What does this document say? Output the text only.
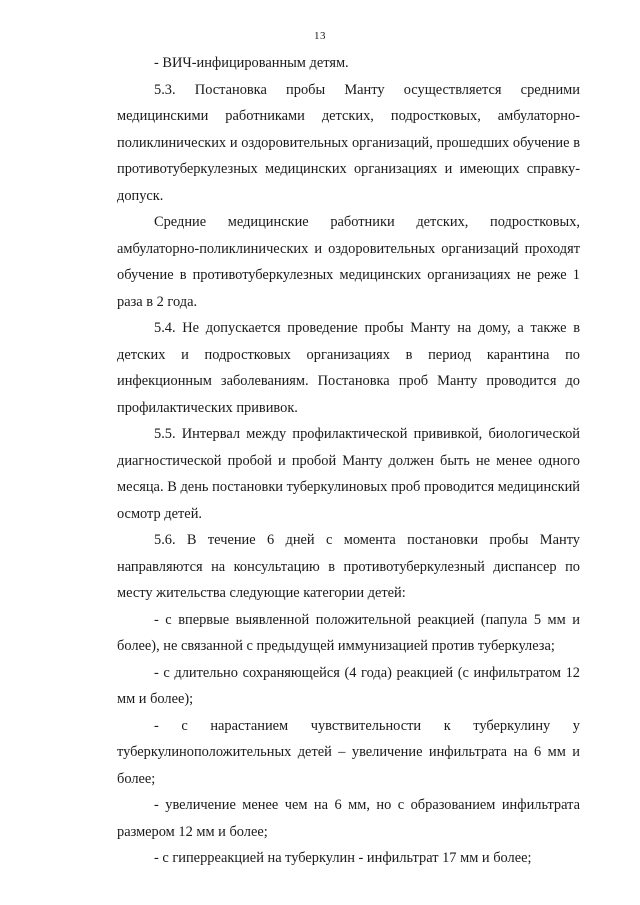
13

- ВИЧ-инфицированным детям.

5.3. Постановка пробы Манту осуществляется средними медицинскими работниками детских, подростковых, амбулаторно-поликлинических и оздоровительных организаций, прошедших обучение в противотуберкулезных медицинских организациях и имеющих справку-допуск.

Средние медицинские работники детских, подростковых, амбулаторно-поликлинических и оздоровительных организаций проходят обучение в противотуберкулезных медицинских организациях не реже 1 раза в 2 года.

5.4. Не допускается проведение пробы Манту на дому, а также в детских и подростковых организациях в период карантина по инфекционным заболеваниям. Постановка проб Манту проводится до профилактических прививок.

5.5. Интервал между профилактической прививкой, биологической диагностической пробой и пробой Манту должен быть не менее одного месяца. В день постановки туберкулиновых проб проводится медицинский осмотр детей.

5.6. В течение 6 дней с момента постановки пробы Манту направляются на консультацию в противотуберкулезный диспансер по месту жительства следующие категории детей:

- с впервые выявленной положительной реакцией (папула 5 мм и более), не связанной с предыдущей иммунизацией против туберкулеза;

- с длительно сохраняющейся (4 года) реакцией (с инфильтратом 12 мм и более);

- с нарастанием чувствительности к туберкулину у туберкулиноположительных детей – увеличение инфильтрата на 6 мм и более;

- увеличение менее чем на 6 мм, но с образованием инфильтрата размером 12 мм и более;

- с гиперреакцией на туберкулин - инфильтрат 17 мм и более;
